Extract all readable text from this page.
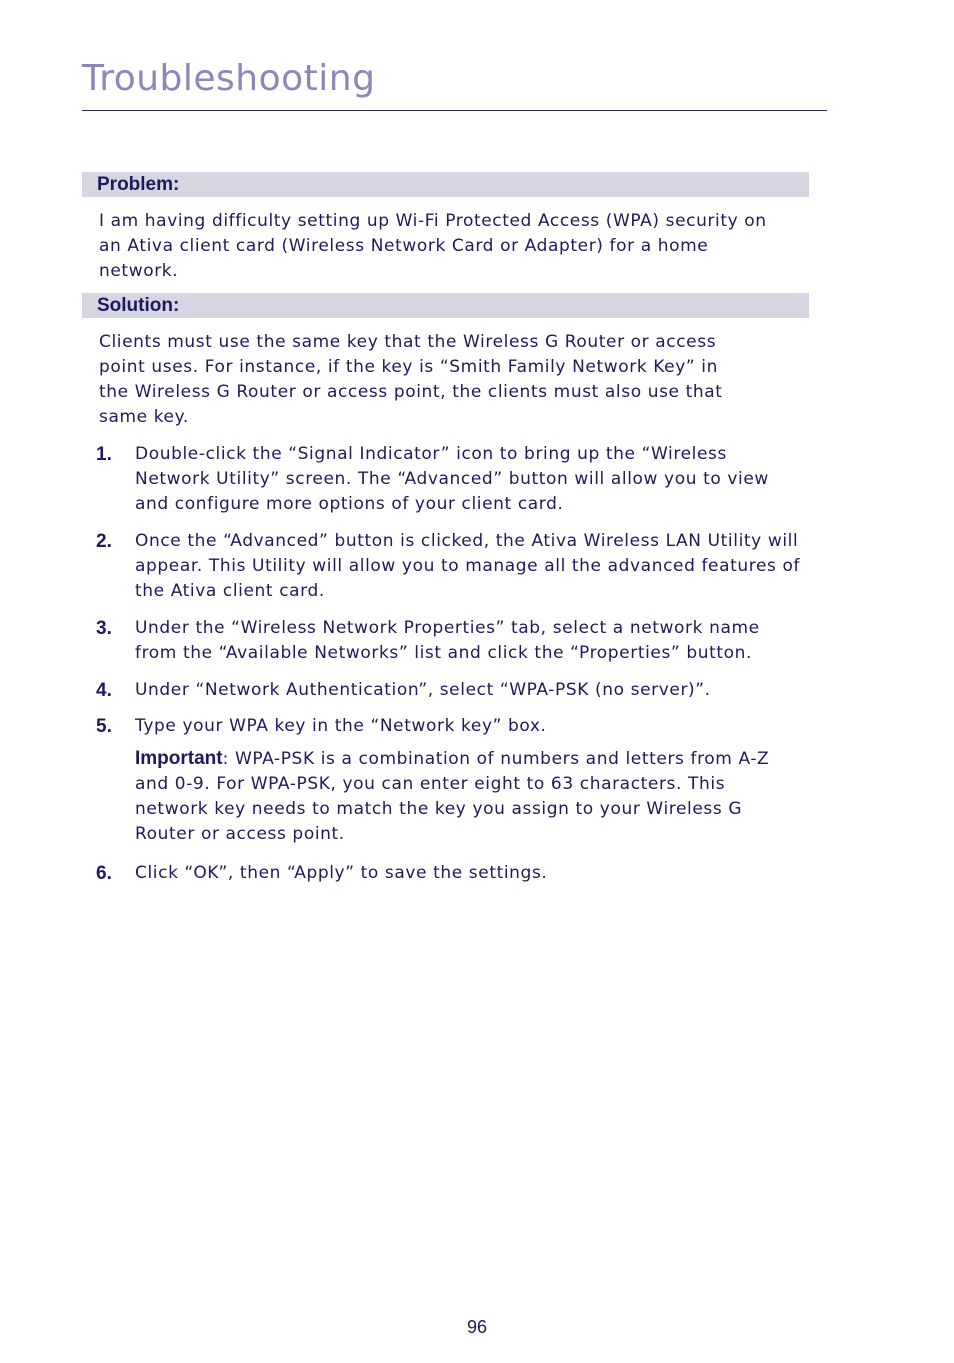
Troubleshooting
Problem:

I am having difficulty setting up Wi-Fi Protected Access (WPA) security on an Ativa client card (Wireless Network Card or Adapter) for a home network.

Solution:

Clients must use the same key that the Wireless G Router or access point uses. For instance, if the key is “Smith Family Network Key” in the Wireless G Router or access point, the clients must also use that same key.

1. Double-click the “Signal Indicator” icon to bring up the “Wireless Network Utility” screen. The “Advanced” button will allow you to view and configure more options of your client card.
2. Once the “Advanced” button is clicked, the Ativa Wireless LAN Utility will appear. This Utility will allow you to manage all the advanced features of the Ativa client card.
3. Under the “Wireless Network Properties” tab, select a network name from the “Available Networks” list and click the “Properties” button.
4. Under “Network Authentication”, select “WPA-PSK (no server)”.
5. Type your WPA key in the “Network key” box.
Important: WPA-PSK is a combination of numbers and letters from A-Z and 0-9. For WPA-PSK, you can enter eight to 63 characters. This network key needs to match the key you assign to your Wireless G Router or access point.
6. Click “OK”, then “Apply” to save the settings.
96
